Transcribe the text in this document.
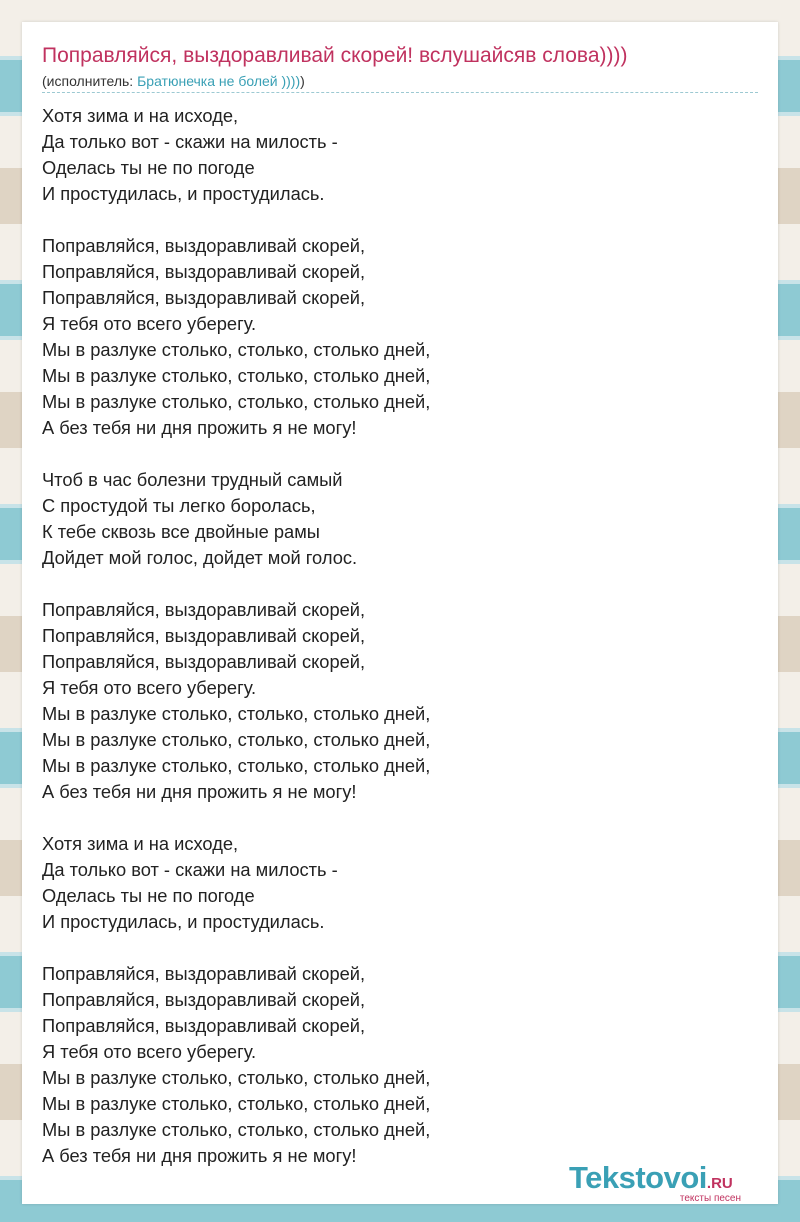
Поправляйся, выздоравливай скорей! вслушайсяв слова))))
(исполнитель: Братюнечка не болей )))))
Хотя зима и на исходе,
Да только вот - скажи на милость -
Оделась ты не по погоде
И простудилась, и простудилась.

Поправляйся, выздоравливай скорей,
Поправляйся, выздоравливай скорей,
Поправляйся, выздоравливай скорей,
Я тебя ото всего уберегу.
Мы в разлуке столько, столько, столько дней,
Мы в разлуке столько, столько, столько дней,
Мы в разлуке столько, столько, столько дней,
А без тебя ни дня прожить я не могу!

Чтоб в час болезни трудный самый
С простудой ты легко боролась,
К тебе сквозь все двойные рамы
Дойдет мой голос, дойдет мой голос.

Поправляйся, выздоравливай скорей,
Поправляйся, выздоравливай скорей,
Поправляйся, выздоравливай скорей,
Я тебя ото всего уберегу.
Мы в разлуке столько, столько, столько дней,
Мы в разлуке столько, столько, столько дней,
Мы в разлуке столько, столько, столько дней,
А без тебя ни дня прожить я не могу!

Хотя зима и на исходе,
Да только вот - скажи на милость -
Оделась ты не по погоде
И простудилась, и простудилась.

Поправляйся, выздоравливай скорей,
Поправляйся, выздоравливай скорей,
Поправляйся, выздоравливай скорей,
Я тебя ото всего уберегу.
Мы в разлуке столько, столько, столько дней,
Мы в разлуке столько, столько, столько дней,
Мы в разлуке столько, столько, столько дней,
А без тебя ни дня прожить я не могу!
Tekstovoi.RU
тексты песен
